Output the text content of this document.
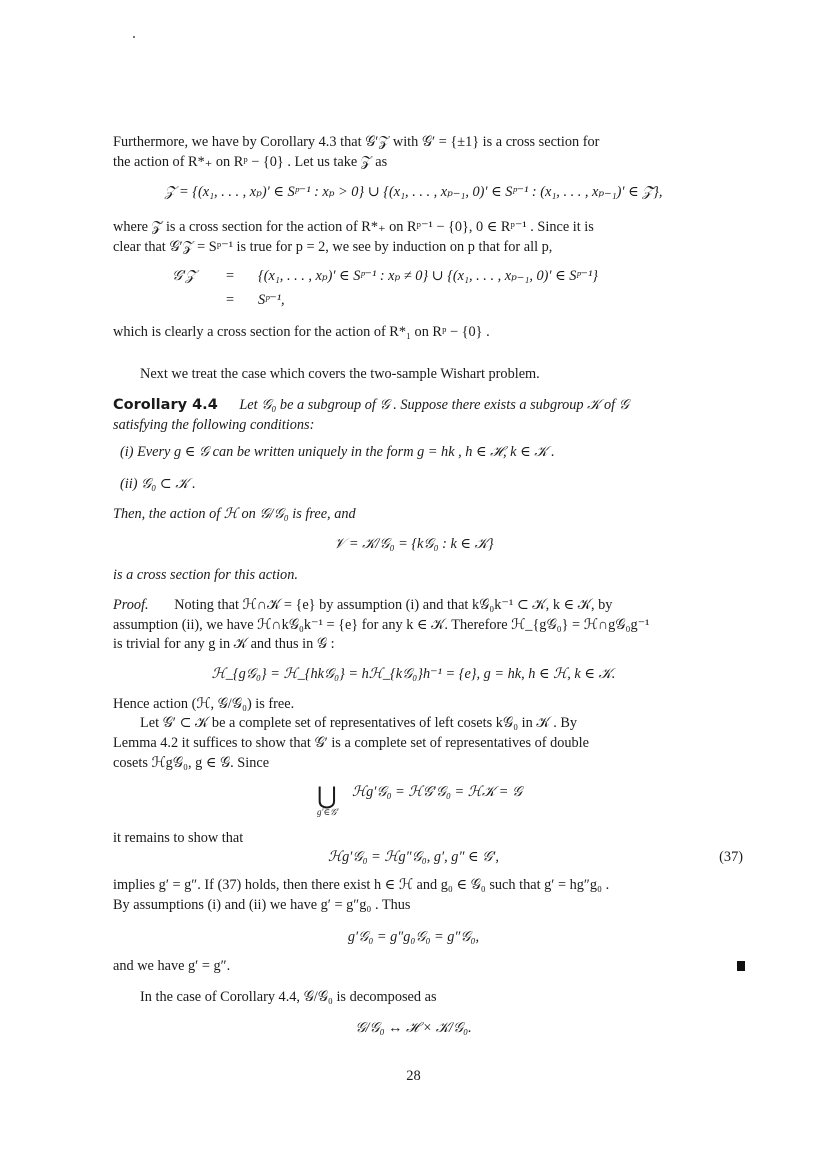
Furthermore, we have by Corollary 4.3 that 𝒢′𝒵 with 𝒢′ = {±1} is a cross section for
the action of R*₊ on Rᵖ − {0} . Let us take 𝒵 as
𝒵 = {(x₁, . . . , xₚ)′ ∈ Sᵖ⁻¹ : xₚ > 0} ∪ {(x₁, . . . , xₚ₋₁, 0)′ ∈ Sᵖ⁻¹ : (x₁, . . . , xₚ₋₁)′ ∈ 𝒵̃},
where 𝒵̃ is a cross section for the action of R*₊ on Rᵖ⁻¹ − {0}, 0 ∈ Rᵖ⁻¹ . Since it is
clear that 𝒢′𝒵 = Sᵖ⁻¹ is true for p = 2, we see by induction on p that for all p,
𝒢′𝒵 = {(x₁, . . . , xₚ)′ ∈ Sᵖ⁻¹ : xₚ ≠ 0} ∪ {(x₁, . . . , xₚ₋₁, 0)′ ∈ Sᵖ⁻¹}
= Sᵖ⁻¹,
which is clearly a cross section for the action of R*₁ on Rᵖ − {0} .
Next we treat the case which covers the two-sample Wishart problem.
Corollary 4.4 Let 𝒢₀ be a subgroup of 𝒢 . Suppose there exists a subgroup 𝒦 of 𝒢
satisfying the following conditions:
(i) Every g ∈ 𝒢 can be written uniquely in the form g = hk , h ∈ ℋ, k ∈ 𝒦 .
(ii) 𝒢₀ ⊂ 𝒦 .
Then, the action of ℋ on 𝒢/𝒢₀ is free, and
𝒱 = 𝒦/𝒢₀ = {k𝒢₀ : k ∈ 𝒦}
is a cross section for this action.
Proof. Noting that ℋ∩𝒦 = {e} by assumption (i) and that k𝒢₀k⁻¹ ⊂ 𝒦, k ∈ 𝒦, by
assumption (ii), we have ℋ∩k𝒢₀k⁻¹ = {e} for any k ∈ 𝒦. Therefore ℋ_{g𝒢₀} = ℋ∩g𝒢₀g⁻¹
is trivial for any g in 𝒦 and thus in 𝒢 :
ℋ_{g𝒢₀} = ℋ_{hk𝒢₀} = hℋ_{k𝒢₀}h⁻¹ = {e}, g = hk, h ∈ ℋ, k ∈ 𝒦.
Hence action (ℋ, 𝒢/𝒢₀) is free.
Let 𝒢′ ⊂ 𝒦 be a complete set of representatives of left cosets k𝒢₀ in 𝒦 . By
Lemma 4.2 it suffices to show that 𝒢′ is a complete set of representatives of double
cosets ℋg𝒢₀, g ∈ 𝒢. Since
⋃
g′∈𝒢′
ℋg′𝒢₀ = ℋ𝒢′𝒢₀ = ℋ𝒦 = 𝒢
it remains to show that
ℋg′𝒢₀ = ℋg″𝒢₀, g′, g″ ∈ 𝒢′,	(37)
implies g′ = g″. If (37) holds, then there exist h ∈ ℋ and g₀ ∈ 𝒢₀ such that g′ = hg″g₀ .
By assumptions (i) and (ii) we have g′ = g″g₀ . Thus
g′𝒢₀ = g″g₀𝒢₀ = g″𝒢₀,
and we have g′ = g″.
In the case of Corollary 4.4, 𝒢/𝒢₀ is decomposed as
𝒢/𝒢₀ ↔ ℋ × 𝒦/𝒢₀.
28
